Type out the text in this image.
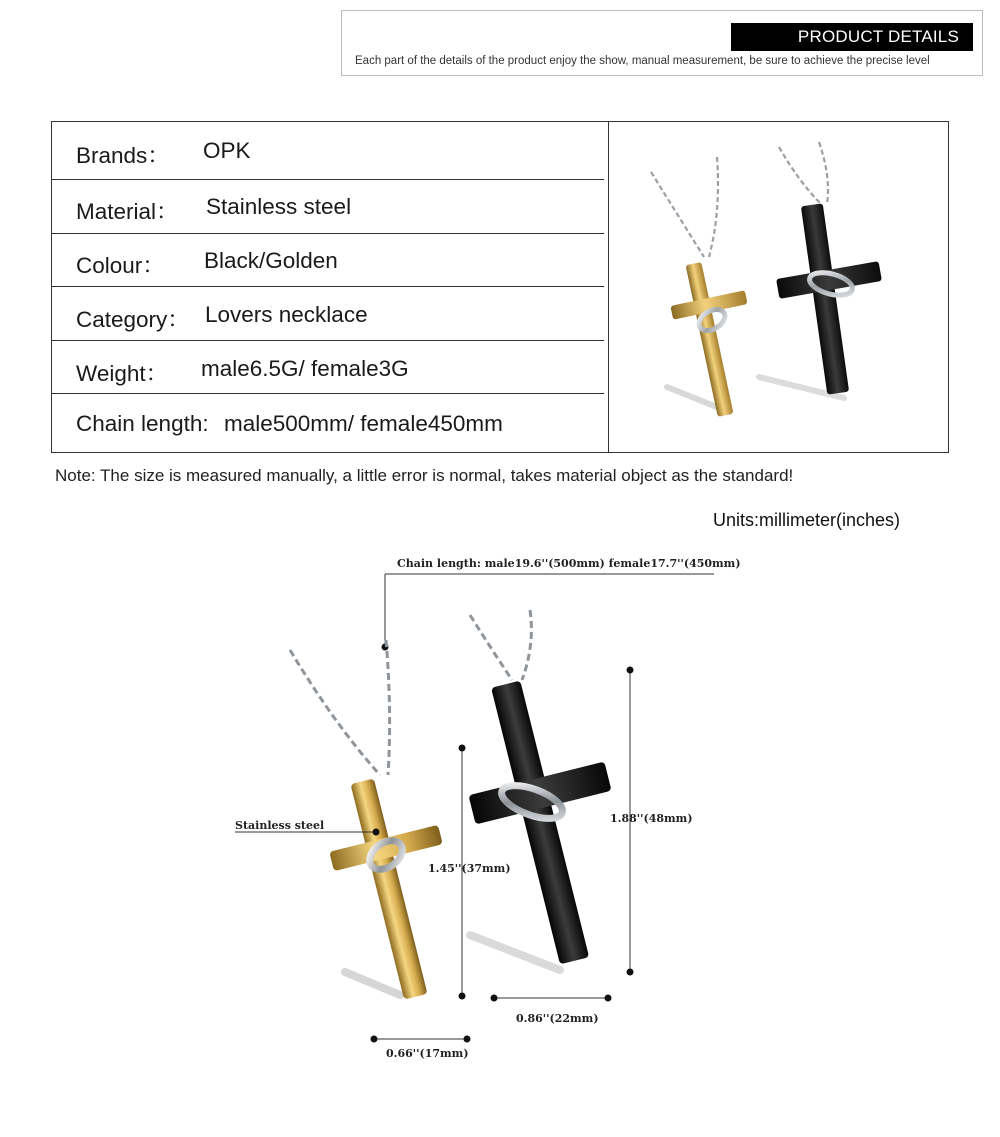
PRODUCT DETAILS
Each part of the details of the product enjoy the show, manual measurement, be sure to achieve the precise level
Brands： OPK
Material： Stainless steel
Colour： Black/Golden
Category： Lovers necklace
Weight： male6.5G/ female3G
Chain length: male500mm/ female450mm
Note: The size is measured manually, a little error is normal, takes material object as the standard!
Units:millimeter(inches)
Chain length: male19.6''(500mm) female17.7''(450mm)
Stainless steel
1.45''(37mm)
1.88''(48mm)
0.86''(22mm)
0.66''(17mm)
